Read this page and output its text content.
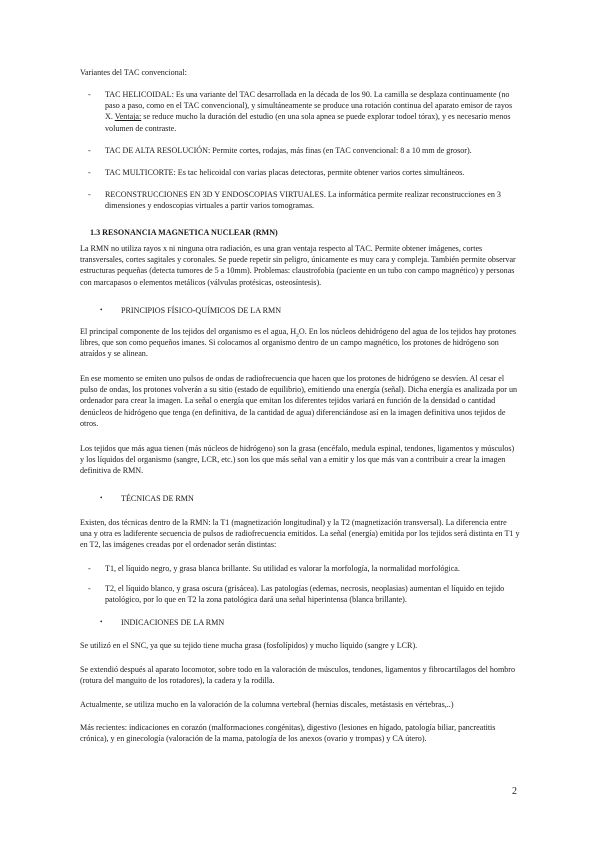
Variantes del TAC convencional:

- TAC HELICOIDAL: Es una variante del TAC desarrollada en la década de los 90. La camilla se desplaza continuamente (no paso a paso, como en el TAC convencional), y simultáneamente se produce una rotación continua del aparato emisor de rayos X. Ventaja: se reduce mucho la duración del estudio (en una sola apnea se puede explorar todoel tórax), y es necesario menos volumen de contraste.
- TAC DE ALTA RESOLUCIÓN: Permite cortes, rodajas, más finas (en TAC convencional: 8 a 10 mm de grosor).
- TAC MULTICORTE: Es tac helicoidal con varias placas detectoras, permite obtener varios cortes simultáneos.
- RECONSTRUCCIONES EN 3D Y ENDOSCOPIAS VIRTUALES. La informática permite realizar reconstrucciones en 3 dimensiones y endoscopias virtuales a partir varios tomogramas.

1.3 RESONANCIA MAGNETICA NUCLEAR (RMN)

La RMN no utiliza rayos x ni ninguna otra radiación, es una gran ventaja respecto al TAC. Permite obtener imágenes, cortes transversales, cortes sagitales y coronales. Se puede repetir sin peligro, únicamente es muy cara y compleja. También permite observar estructuras pequeñas (detecta tumores de 5 a 10mm). Problemas: claustrofobia (paciente en un tubo con campo magnético) y personas con marcapasos o elementos metálicos (válvulas protésicas, osteosíntesis).

• PRINCIPIOS FÍSICO-QUÍMICOS DE LA RMN

El principal componente de los tejidos del organismo es el agua, $H_2O$. En los núcleos dehidrógeno del agua de los tejidos hay protones libres, que son como pequeños imanes. Si colocamos al organismo dentro de un campo magnético, los protones de hidrógeno son atraídos y se alinean.

En ese momento se emiten uno pulsos de ondas de radiofrecuencia que hacen que los protones de hidrógeno se desvíen. Al cesar el pulso de ondas, los protones volverán a su sitio (estado de equilibrio), emitiendo una energía (señal). Dicha energía es analizada por un ordenador para crear la imagen. La señal o energía que emitan los diferentes tejidos variará en función de la densidad o cantidad denúcleos de hidrógeno que tenga (en definitiva, de la cantidad de agua) diferenciándose así en la imagen definitiva unos tejidos de otros.

Los tejidos que más agua tienen (más núcleos de hidrógeno) son la grasa (encéfalo, medula espinal, tendones, ligamentos y músculos) y los líquidos del organismo (sangre, LCR, etc.) son los que más señal van a emitir y los que más van a contribuir a crear la imagen definitiva de RMN.

• TÉCNICAS DE RMN

Existen, dos técnicas dentro de la RMN: la T1 (magnetización longitudinal) y la T2 (magnetización transversal). La diferencia entre una y otra es ladiferente secuencia de pulsos de radiofrecuencia emitidos. La señal (energía) emitida por los tejidos será distinta en T1 y en T2, las imágenes creadas por el ordenador serán distintas:

- T1, el líquido negro, y grasa blanca brillante. Su utilidad es valorar la morfología, la normalidad morfológica.
- T2, el líquido blanco, y grasa oscura (grisácea). Las patologías (edemas, necrosis, neoplasias) aumentan el líquido en tejido patológico, por lo que en T2 la zona patológica dará una señal hiperintensa (blanca brillante).
• INDICACIONES DE LA RMN

Se utilizó en el SNC, ya que su tejido tiene mucha grasa (fosfolípidos) y mucho líquido (sangre y LCR).

Se extendió después al aparato locomotor, sobre todo en la valoración de músculos, tendones, ligamentos y fibrocartílagos del hombro (rotura del manguito de los rotadores), la cadera y la rodilla.

Actualmente, se utiliza mucho en la valoración de la columna vertebral (hernias discales, metástasis en vértebras,..)

Más recientes: indicaciones en corazón (malformaciones congénitas), digestivo (lesiones en hígado, patología biliar, pancreatitis crónica), y en ginecología (valoración de la mama, patología de los anexos (ovario y trompas) y CA útero).

2
